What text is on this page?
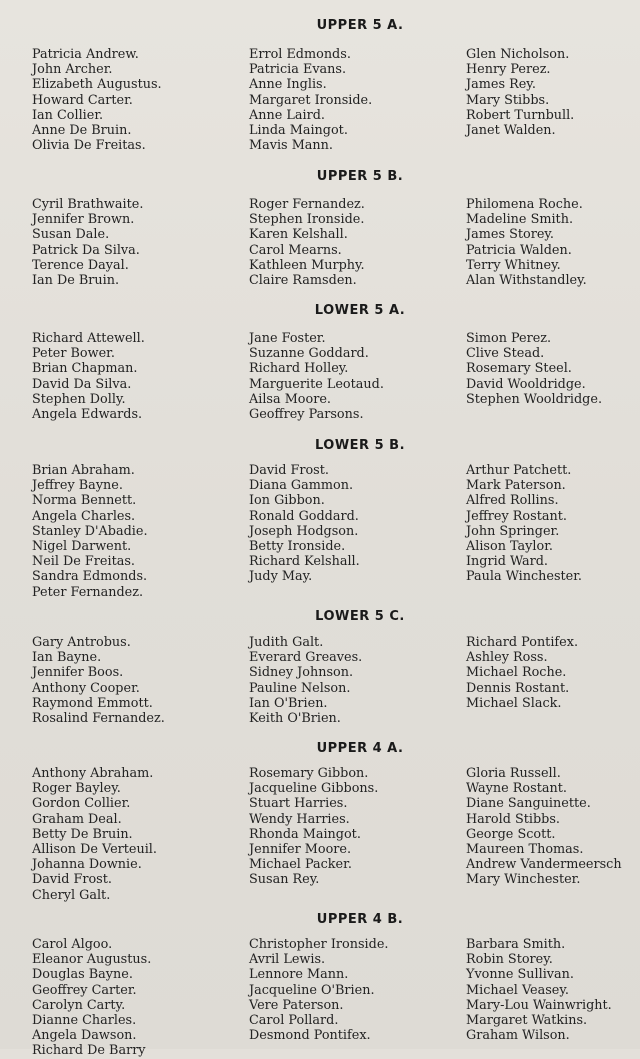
UPPER 5 A.
Patricia Andrew.
John Archer.
Elizabeth Augustus.
Howard Carter.
Ian Collier.
Anne De Bruin.
Olivia De Freitas.
Errol Edmonds.
Patricia Evans.
Anne Inglis.
Margaret Ironside.
Anne Laird.
Linda Maingot.
Mavis Mann.
Glen Nicholson.
Henry Perez.
James Rey.
Mary Stibbs.
Robert Turnbull.
Janet Walden.
UPPER 5 B.
Cyril Brathwaite.
Jennifer Brown.
Susan Dale.
Patrick Da Silva.
Terence Dayal.
Ian De Bruin.
Roger Fernandez.
Stephen Ironside.
Karen Kelshall.
Carol Mearns.
Kathleen Murphy.
Claire Ramsden.
Philomena Roche.
Madeline Smith.
James Storey.
Patricia Walden.
Terry Whitney.
Alan Withstandley.
LOWER 5 A.
Richard Attewell.
Peter Bower.
Brian Chapman.
David Da Silva.
Stephen Dolly.
Angela Edwards.
Jane Foster.
Suzanne Goddard.
Richard Holley.
Marguerite Leotaud.
Ailsa Moore.
Geoffrey Parsons.
Simon Perez.
Clive Stead.
Rosemary Steel.
David Wooldridge.
Stephen Wooldridge.
LOWER 5 B.
Brian Abraham.
Jeffrey Bayne.
Norma Bennett.
Angela Charles.
Stanley D'Abadie.
Nigel Darwent.
Neil De Freitas.
Sandra Edmonds.
Peter Fernandez.
David Frost.
Diana Gammon.
Ion Gibbon.
Ronald Goddard.
Joseph Hodgson.
Betty Ironside.
Richard Kelshall.
Judy May.
Arthur Patchett.
Mark Paterson.
Alfred Rollins.
Jeffrey Rostant.
John Springer.
Alison Taylor.
Ingrid Ward.
Paula Winchester.
LOWER 5 C.
Gary Antrobus.
Ian Bayne.
Jennifer Boos.
Anthony Cooper.
Raymond Emmott.
Rosalind Fernandez.
Judith Galt.
Everard Greaves.
Sidney Johnson.
Pauline Nelson.
Ian O'Brien.
Keith O'Brien.
Richard Pontifex.
Ashley Ross.
Michael Roche.
Dennis Rostant.
Michael Slack.
UPPER 4 A.
Anthony Abraham.
Roger Bayley.
Gordon Collier.
Graham Deal.
Betty De Bruin.
Allison De Verteuil.
Johanna Downie.
David Frost.
Cheryl Galt.
Rosemary Gibbon.
Jacqueline Gibbons.
Stuart Harries.
Wendy Harries.
Rhonda Maingot.
Jennifer Moore.
Michael Packer.
Susan Rey.
Gloria Russell.
Wayne Rostant.
Diane Sanguinette.
Harold Stibbs.
George Scott.
Maureen Thomas.
Andrew Vandermeersch
Mary Winchester.
UPPER 4 B.
Carol Algoo.
Eleanor Augustus.
Douglas Bayne.
Geoffrey Carter.
Carolyn Carty.
Dianne Charles.
Angela Dawson.
Richard De Barry
Christopher Ironside.
Avril Lewis.
Lennore Mann.
Jacqueline O'Brien.
Vere Paterson.
Carol Pollard.
Desmond Pontifex.
Barbara Smith.
Robin Storey.
Yvonne Sullivan.
Michael Veasey.
Mary-Lou Wainwright.
Margaret Watkins.
Graham Wilson.
